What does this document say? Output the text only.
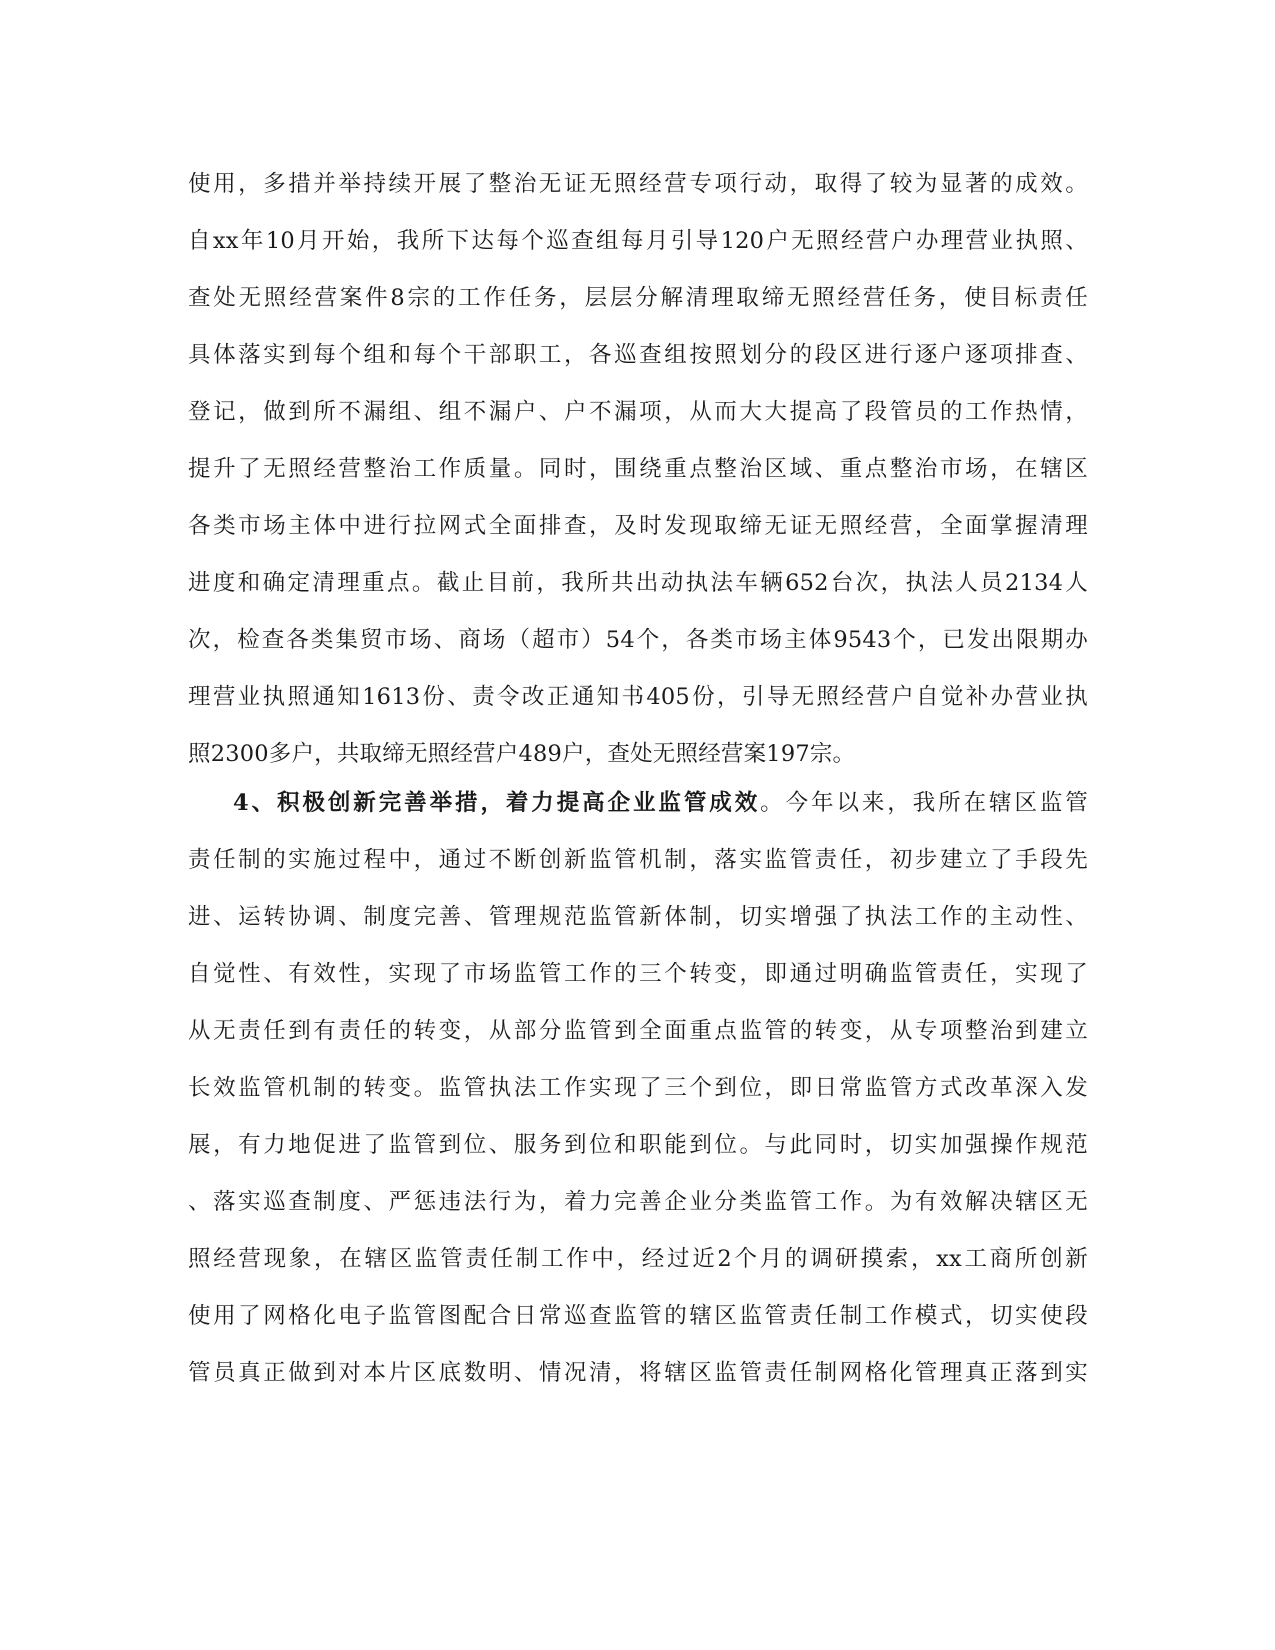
使用，多措并举持续开展了整治无证无照经营专项行动，取得了较为显著的成效。
自xx年10月开始，我所下达每个巡查组每月引导120户无照经营户办理营业执照、
查处无照经营案件8宗的工作任务，层层分解清理取缔无照经营任务，使目标责任
具体落实到每个组和每个干部职工，各巡查组按照划分的段区进行逐户逐项排查、
登记，做到所不漏组、组不漏户、户不漏项，从而大大提高了段管员的工作热情，
提升了无照经营整治工作质量。同时，围绕重点整治区域、重点整治市场，在辖区
各类市场主体中进行拉网式全面排查，及时发现取缔无证无照经营，全面掌握清理
进度和确定清理重点。截止目前，我所共出动执法车辆652台次，执法人员2134人
次，检查各类集贸市场、商场（超市）54个，各类市场主体9543个，已发出限期办
理营业执照通知1613份、责令改正通知书405份，引导无照经营户自觉补办营业执
照2300多户，共取缔无照经营户489户，查处无照经营案197宗。
4、积极创新完善举措，着力提高企业监管成效。今年以来，我所在辖区监管
责任制的实施过程中，通过不断创新监管机制，落实监管责任，初步建立了手段先
进、运转协调、制度完善、管理规范监管新体制，切实增强了执法工作的主动性、
自觉性、有效性，实现了市场监管工作的三个转变，即通过明确监管责任，实现了
从无责任到有责任的转变，从部分监管到全面重点监管的转变，从专项整治到建立
长效监管机制的转变。监管执法工作实现了三个到位，即日常监管方式改革深入发
展，有力地促进了监管到位、服务到位和职能到位。与此同时，切实加强操作规范
、落实巡查制度、严惩违法行为，着力完善企业分类监管工作。为有效解决辖区无
照经营现象，在辖区监管责任制工作中，经过近2个月的调研摸索，xx工商所创新
使用了网格化电子监管图配合日常巡查监管的辖区监管责任制工作模式，切实使段
管员真正做到对本片区底数明、情况清，将辖区监管责任制网格化管理真正落到实
